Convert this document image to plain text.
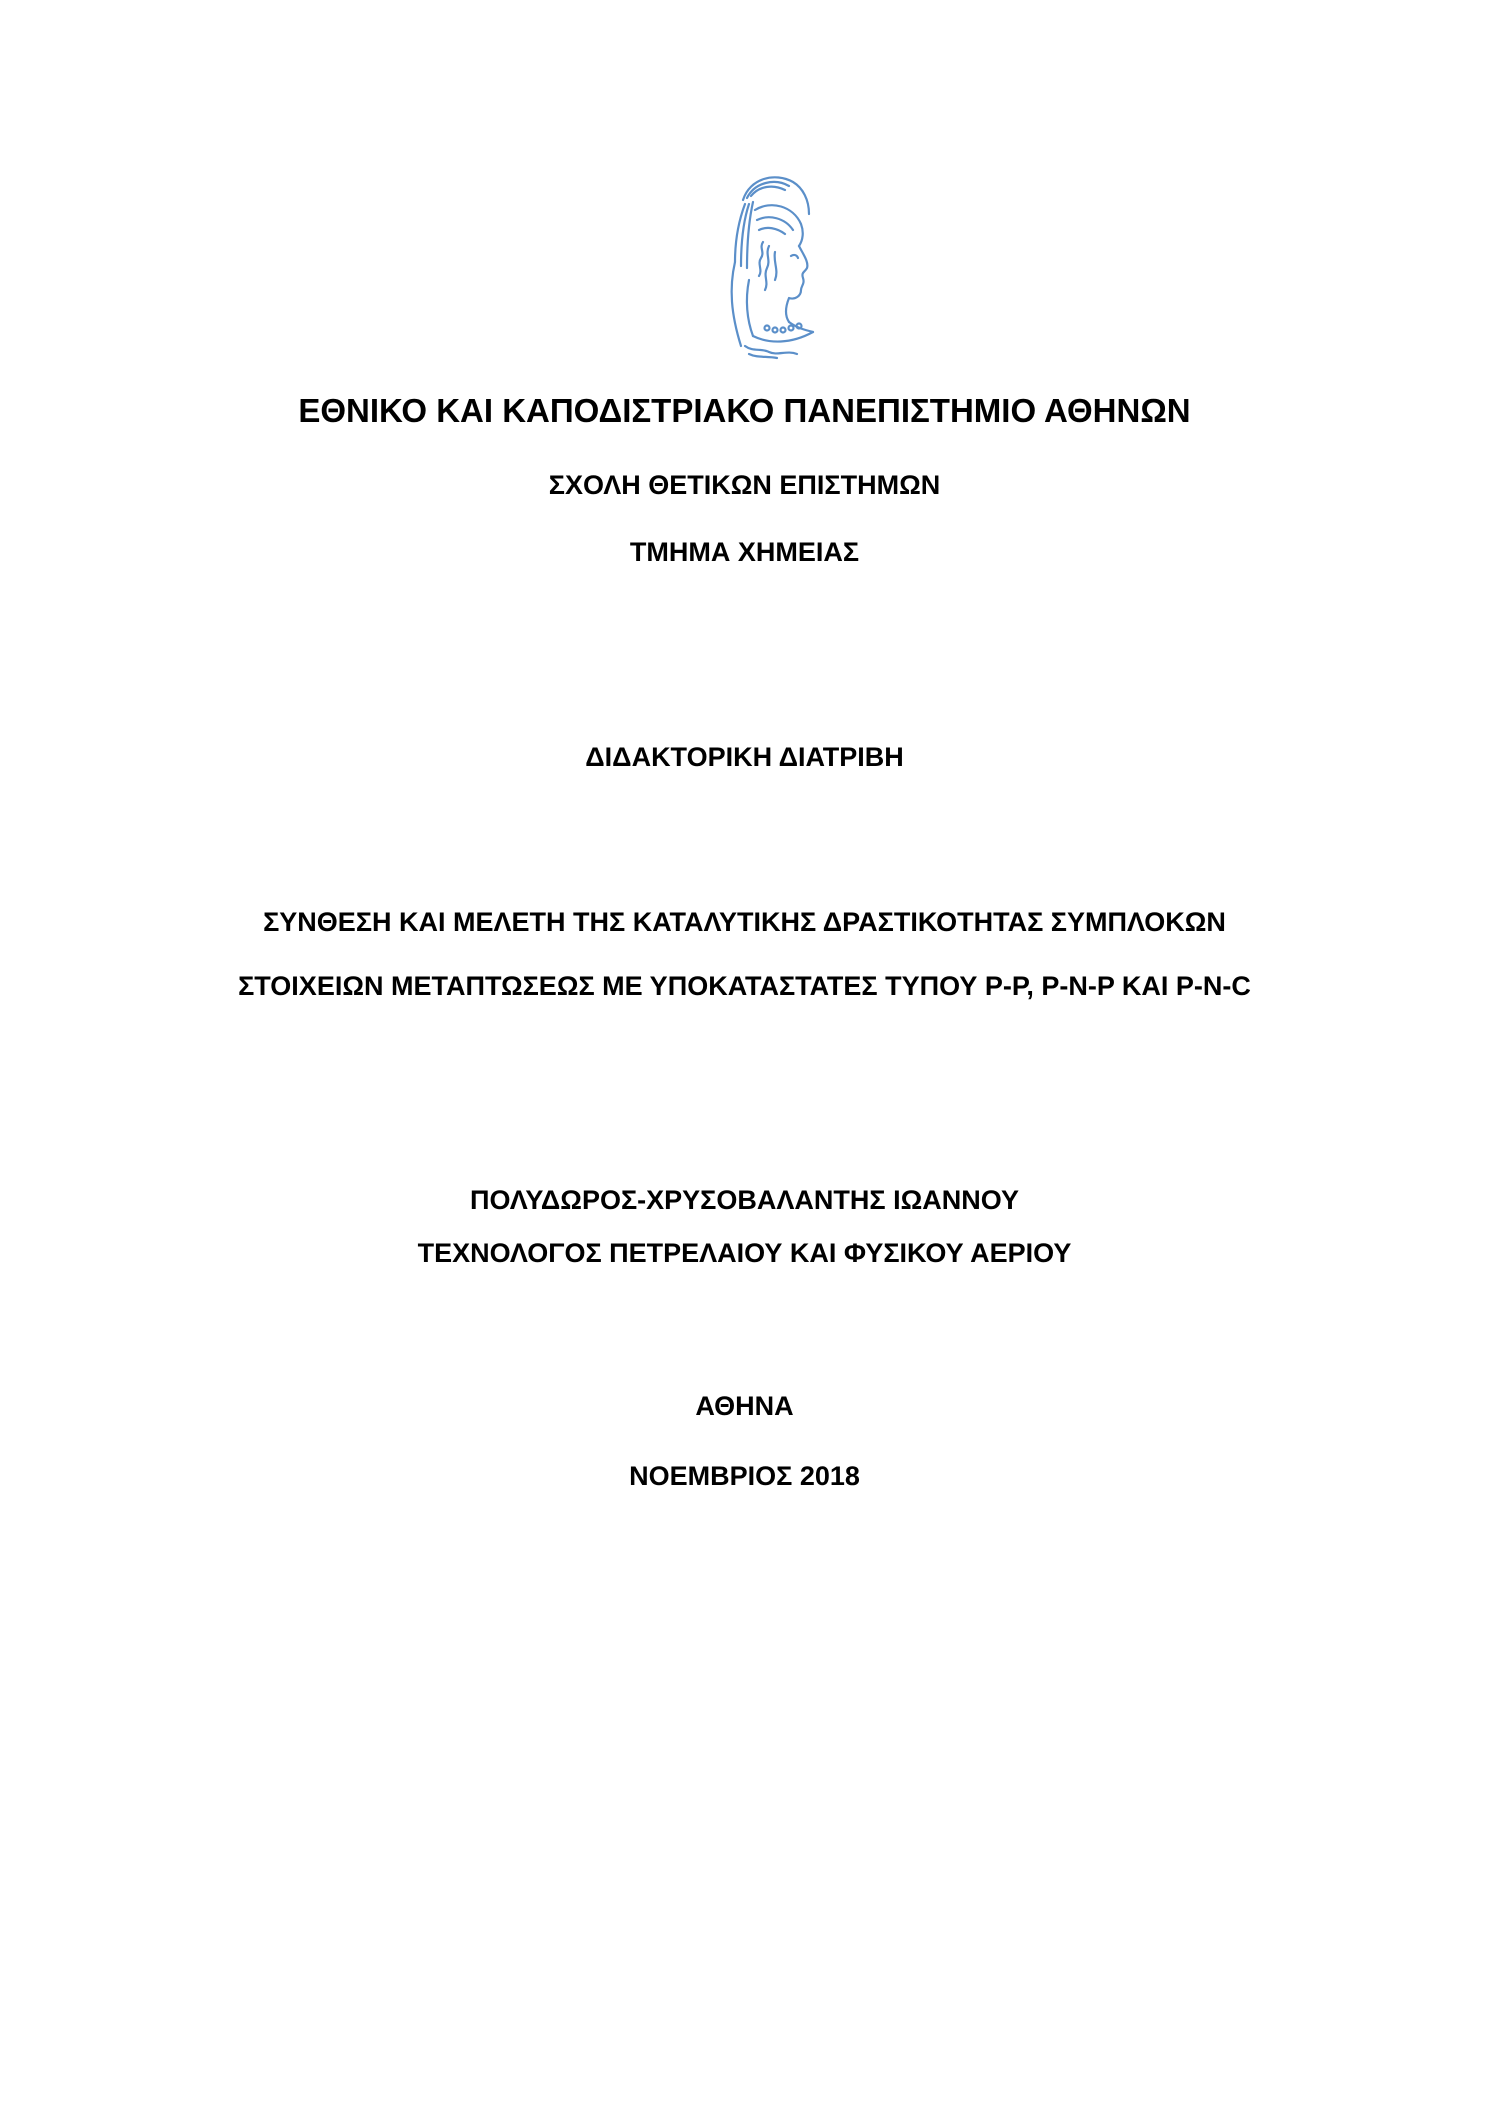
ΕΘΝΙΚΟ ΚΑΙ ΚΑΠΟΔΙΣΤΡΙΑΚΟ ΠΑΝΕΠΙΣΤΗΜΙΟ ΑΘΗΝΩΝ
ΣΧΟΛΗ ΘΕΤΙΚΩΝ ΕΠΙΣΤΗΜΩΝ
ΤΜΗΜΑ ΧΗΜΕΙΑΣ
ΔΙΔΑΚΤΟΡΙΚΗ ΔΙΑΤΡΙΒΗ
ΣΥΝΘΕΣΗ ΚΑΙ ΜΕΛΕΤΗ ΤΗΣ ΚΑΤΑΛΥΤΙΚΗΣ ΔΡΑΣΤΙΚΟΤΗΤΑΣ ΣΥΜΠΛΟΚΩΝ
ΣΤΟΙΧΕΙΩΝ ΜΕΤΑΠΤΩΣΕΩΣ ΜΕ ΥΠΟΚΑΤΑΣΤΑΤΕΣ ΤΥΠΟΥ P-P, P-N-P ΚΑΙ P-N-C
ΠΟΛΥΔΩΡΟΣ-ΧΡΥΣΟΒΑΛΑΝΤΗΣ ΙΩΑΝΝΟΥ
ΤΕΧΝΟΛΟΓΟΣ ΠΕΤΡΕΛΑΙΟΥ ΚΑΙ ΦΥΣΙΚΟΥ ΑΕΡΙΟΥ
ΑΘΗΝΑ
ΝΟΕΜΒΡΙΟΣ 2018
